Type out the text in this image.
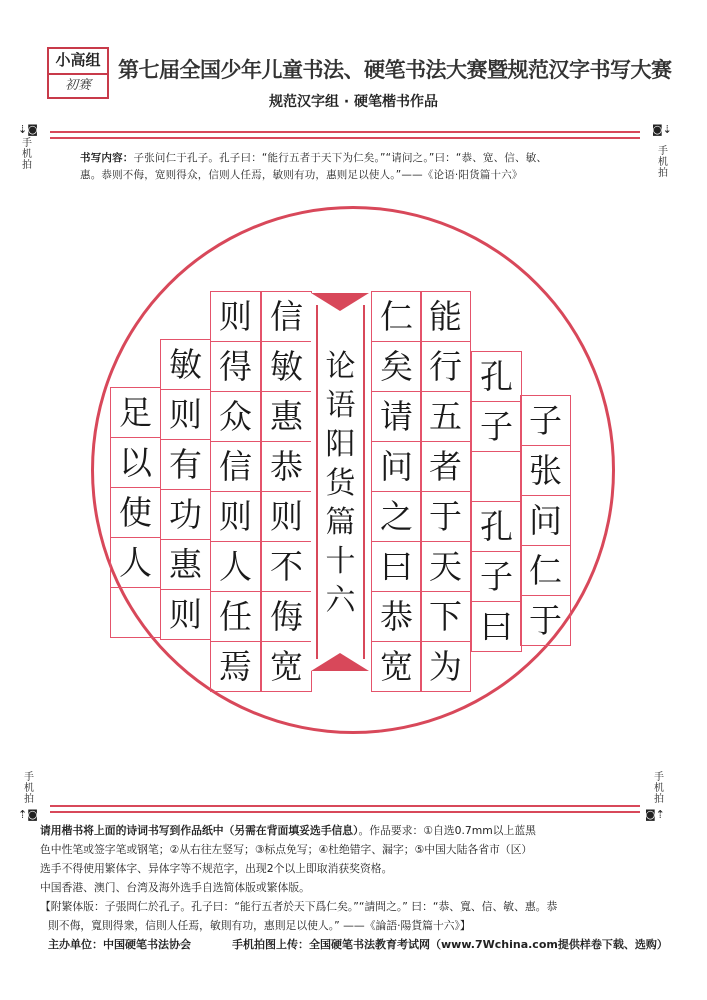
小高组
初赛
第七届全国少年儿童书法、硬笔书法大赛暨规范汉字书写大赛
规范汉字组 · 硬笔楷书作品
⇣◙
手机拍
◙⇣
手机拍
手机拍
⇡◙
手机拍
◙⇡
书写内容：子张问仁于孔子。孔子曰：“能行五者于天下为仁矣。”“请问之。”曰：“恭、宽、信、敏、
惠。恭则不侮，宽则得众，信则人任焉，敏则有功，惠则足以使人。”——《论语·阳货篇十六》
子
张
问
仁
于
孔
子
孔
子
曰
能
行
五
者
于
天
下
为
仁
矣
请
问
之
曰
恭
宽
信
敏
惠
恭
则
不
侮
宽
则
得
众
信
则
人
任
焉
敏
则
有
功
惠
则
足
以
使
人
论
语
阳
货
篇
十
六
请用楷书将上面的诗词书写到作品纸中（另需在背面填妥选手信息）。作品要求：①自选0.7mm以上蓝黑
色中性笔或签字笔或钢笔；②从右往左竖写；③标点免写；④杜绝错字、漏字；⑤中国大陆各省市（区）
选手不得使用繁体字、异体字等不规范字，出现2个以上即取消获奖资格。
中国香港、澳门、台湾及海外选手自选简体版或繁体版。
【附繁体版：子張問仁於孔子。孔子曰：“能行五者於天下爲仁矣。”“請問之。” 曰：“恭、寬、信、敏、惠。恭
則不侮，寬則得衆，信則人任焉，敏則有功，惠則足以使人。” ——《論語·陽貨篇十六》】
主办单位：中国硬笔书法协会	手机拍图上传：全国硬笔书法教育考试网（www.7Wchina.com提供样卷下载、选购）
